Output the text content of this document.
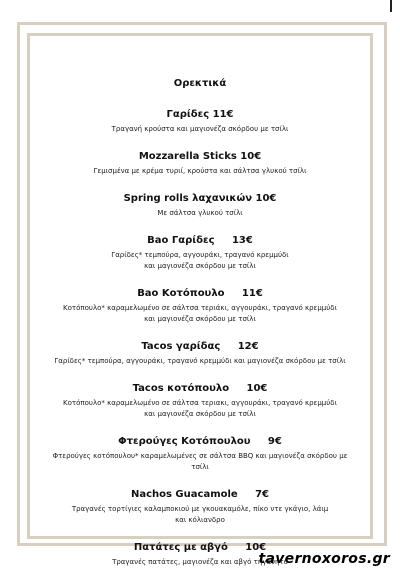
Ορεκτικά
Γαρίδες 11€
Τραγανή κρούστα και μαγιονέζα σκόρδου με τσίλι
Mozzarella Sticks 10€
Γεμισμένα με κρέμα τυριί, κρούστα και σάλτσα γλυκού τσίλι
Spring rolls λαχανικών 10€
Με σάλτσα γλυκού τσίλι
Bao Γαρίδες     13€
Γαρίδες* τεμπούρα, αγγουράκι, τραγανό κρεμμύδι
και μαγιονέζα σκόρδου με τσίλι
Bao Κοτόπουλο     11€
Κοτόπουλο* καραμελωμένο σε σάλτσα τεριάκι, αγγουράκι, τραγανό κρεμμύδι
και μαγιονέζα σκόρδου με τσίλι
Tacos γαρίδας     12€
Γαρίδες* τεμπούρα, αγγουράκι, τραγανό κρεμμύδι και μαγιονέζα σκόρδου με τσίλι
Tacos κοτόπουλο     10€
Κοτόπουλο* καραμελωμένο σε σάλτσα τεριακι, αγγουράκι, τραγανό κρεμμύδι
και μαγιονέζα σκόρδου με τσίλι
Φτερούγες Κοτόπουλου     9€
Φτερούγες κοτόπουλου* καραμελωμένες σε σάλτσα BBQ και μαγιονέζα σκόρδου με
τσίλι
Nachos Guacamole     7€
Τραγανές τορτίγιες καλαμποκιού με γκουακαμόλε, πίκο ντε γκάγιο, λάιμ
και κόλιανδρο
Πατάτες με αβγό     10€
Τραγανές πατάτες, μαγιονέζα και αβγό τηγανητό
tavernoxoros.gr
